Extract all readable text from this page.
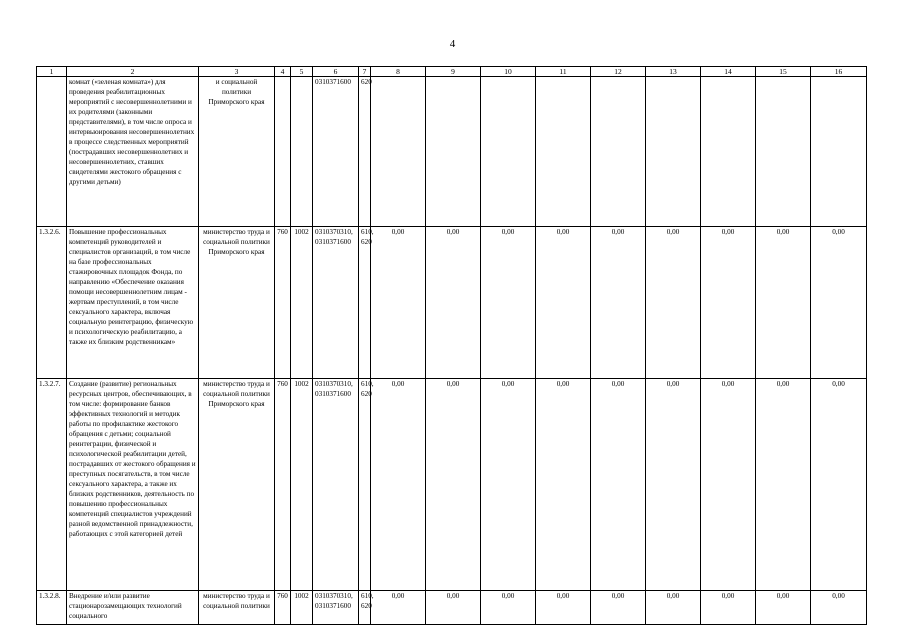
4
1	2	3	4	5	6	7	8	9	10	11	12	13	14	15	16
	комнат («зеленая комната») для проведения реабилитационных мероприятий с несовершеннолетними и их родителями (законными представителями), в том числе опроса и интервьюирования несовершеннолетних в процессе следственных мероприятий (пострадавших несовершеннолетних и несовершеннолетних, ставших свидетелями жестокого обращения с другими детьми)	и социальной политики Приморского края			0310371600	620									
1.3.2.6.	Повышение профессиональных компетенций руководителей и специалистов организаций, в том числе на базе профессиональных стажировочных площадок Фонда, по направлению «Обеспечение оказания помощи несовершеннолетним лицам - жертвам преступлений, в том числе сексуального характера, включая социальную реинтеграцию, физическую и психологическую реабилитацию, а также их близким родственникам»	министерство труда и социальной политики Приморского края	760	1002	0310370310, 0310371600	610, 620	0,00	0,00	0,00	0,00	0,00	0,00	0,00	0,00	0,00
1.3.2.7.	Создание (развитие) региональных ресурсных центров, обеспечивающих, в том числе: формирование банков эффективных технологий и методик работы по профилактике жестокого обращения с детьми; социальной реинтеграции, физической и психологической реабилитации детей, пострадавших от жестокого обращения и преступных посягательств, в том числе сексуального характера, а также их близких родственников, деятельность по повышению профессиональных компетенций специалистов учреждений разной ведомственной принадлежности, работающих с этой категорией детей	министерство труда и социальной политики Приморского края	760	1002	0310370310, 0310371600	610, 620	0,00	0,00	0,00	0,00	0,00	0,00	0,00	0,00	0,00
1.3.2.8.	Внедрение и/или развитие стационарозамещающих технологий социального	министерство труда и социальной политики	760	1002	0310370310, 0310371600	610, 620	0,00	0,00	0,00	0,00	0,00	0,00	0,00	0,00	0,00
